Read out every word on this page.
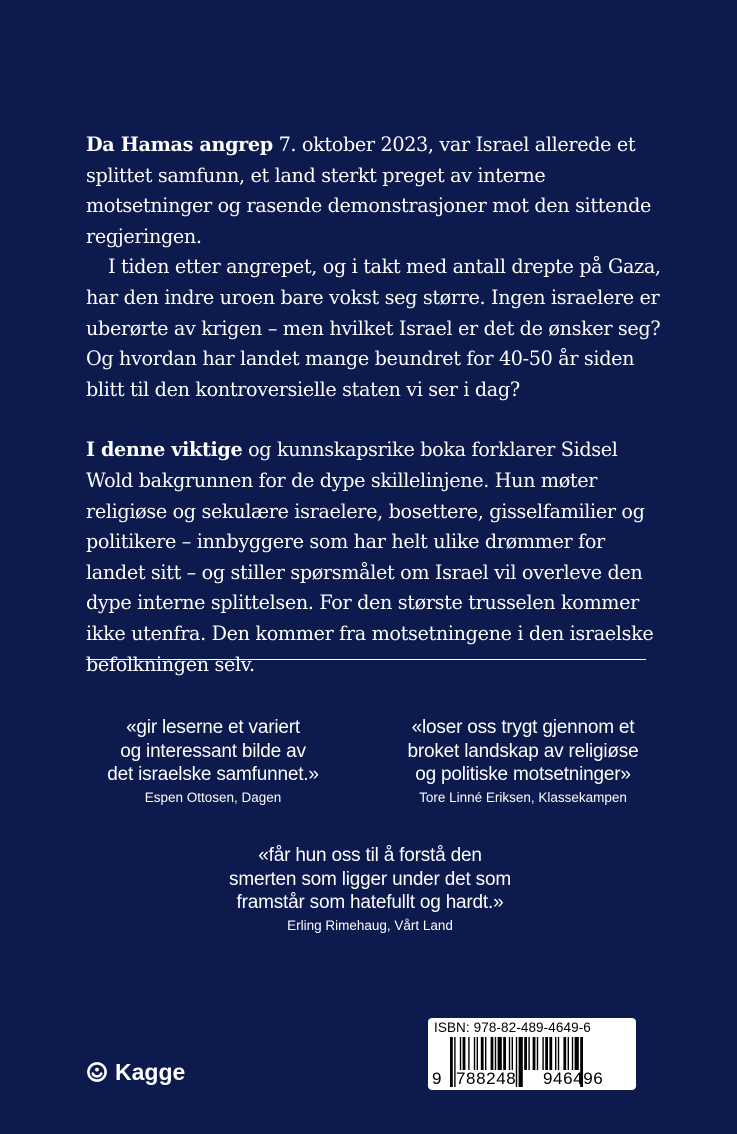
Da Hamas angrep 7. oktober 2023, var Israel allerede et splittet samfunn, et land sterkt preget av interne motsetninger og rasende demonstrasjoner mot den sittende regjeringen.

I tiden etter angrepet, og i takt med antall drepte på Gaza, har den indre uroen bare vokst seg større. Ingen israelere er uberørte av krigen – men hvilket Israel er det de ønsker seg? Og hvordan har landet mange beundret for 40-50 år siden blitt til den kontroversielle staten vi ser i dag?

I denne viktige og kunnskapsrike boka forklarer Sidsel Wold bakgrunnen for de dype skillelinjene. Hun møter religiøse og sekulære israelere, bosettere, gisselfamilier og politikere – innbyggere som har helt ulike drømmer for landet sitt – og stiller spørsmålet om Israel vil overleve den dype interne splittelsen. For den største trusselen kommer ikke utenfra. Den kommer fra motsetningene i den israelske befolkningen selv.

«gir leserne et variert
og interessant bilde av
det israelske samfunnet.»
Espen Ottosen, Dagen
«loser oss trygt gjennom et
broket landskap av religiøse
og politiske motsetninger»
Tore Linné Eriksen, Klassekampen
«får hun oss til å forstå den
smerten som ligger under det som
framstår som hatefullt og hardt.»
Erling Rimehaug, Vårt Land
Kagge
ISBN: 978-82-489-4649-6
9 788248 946496
